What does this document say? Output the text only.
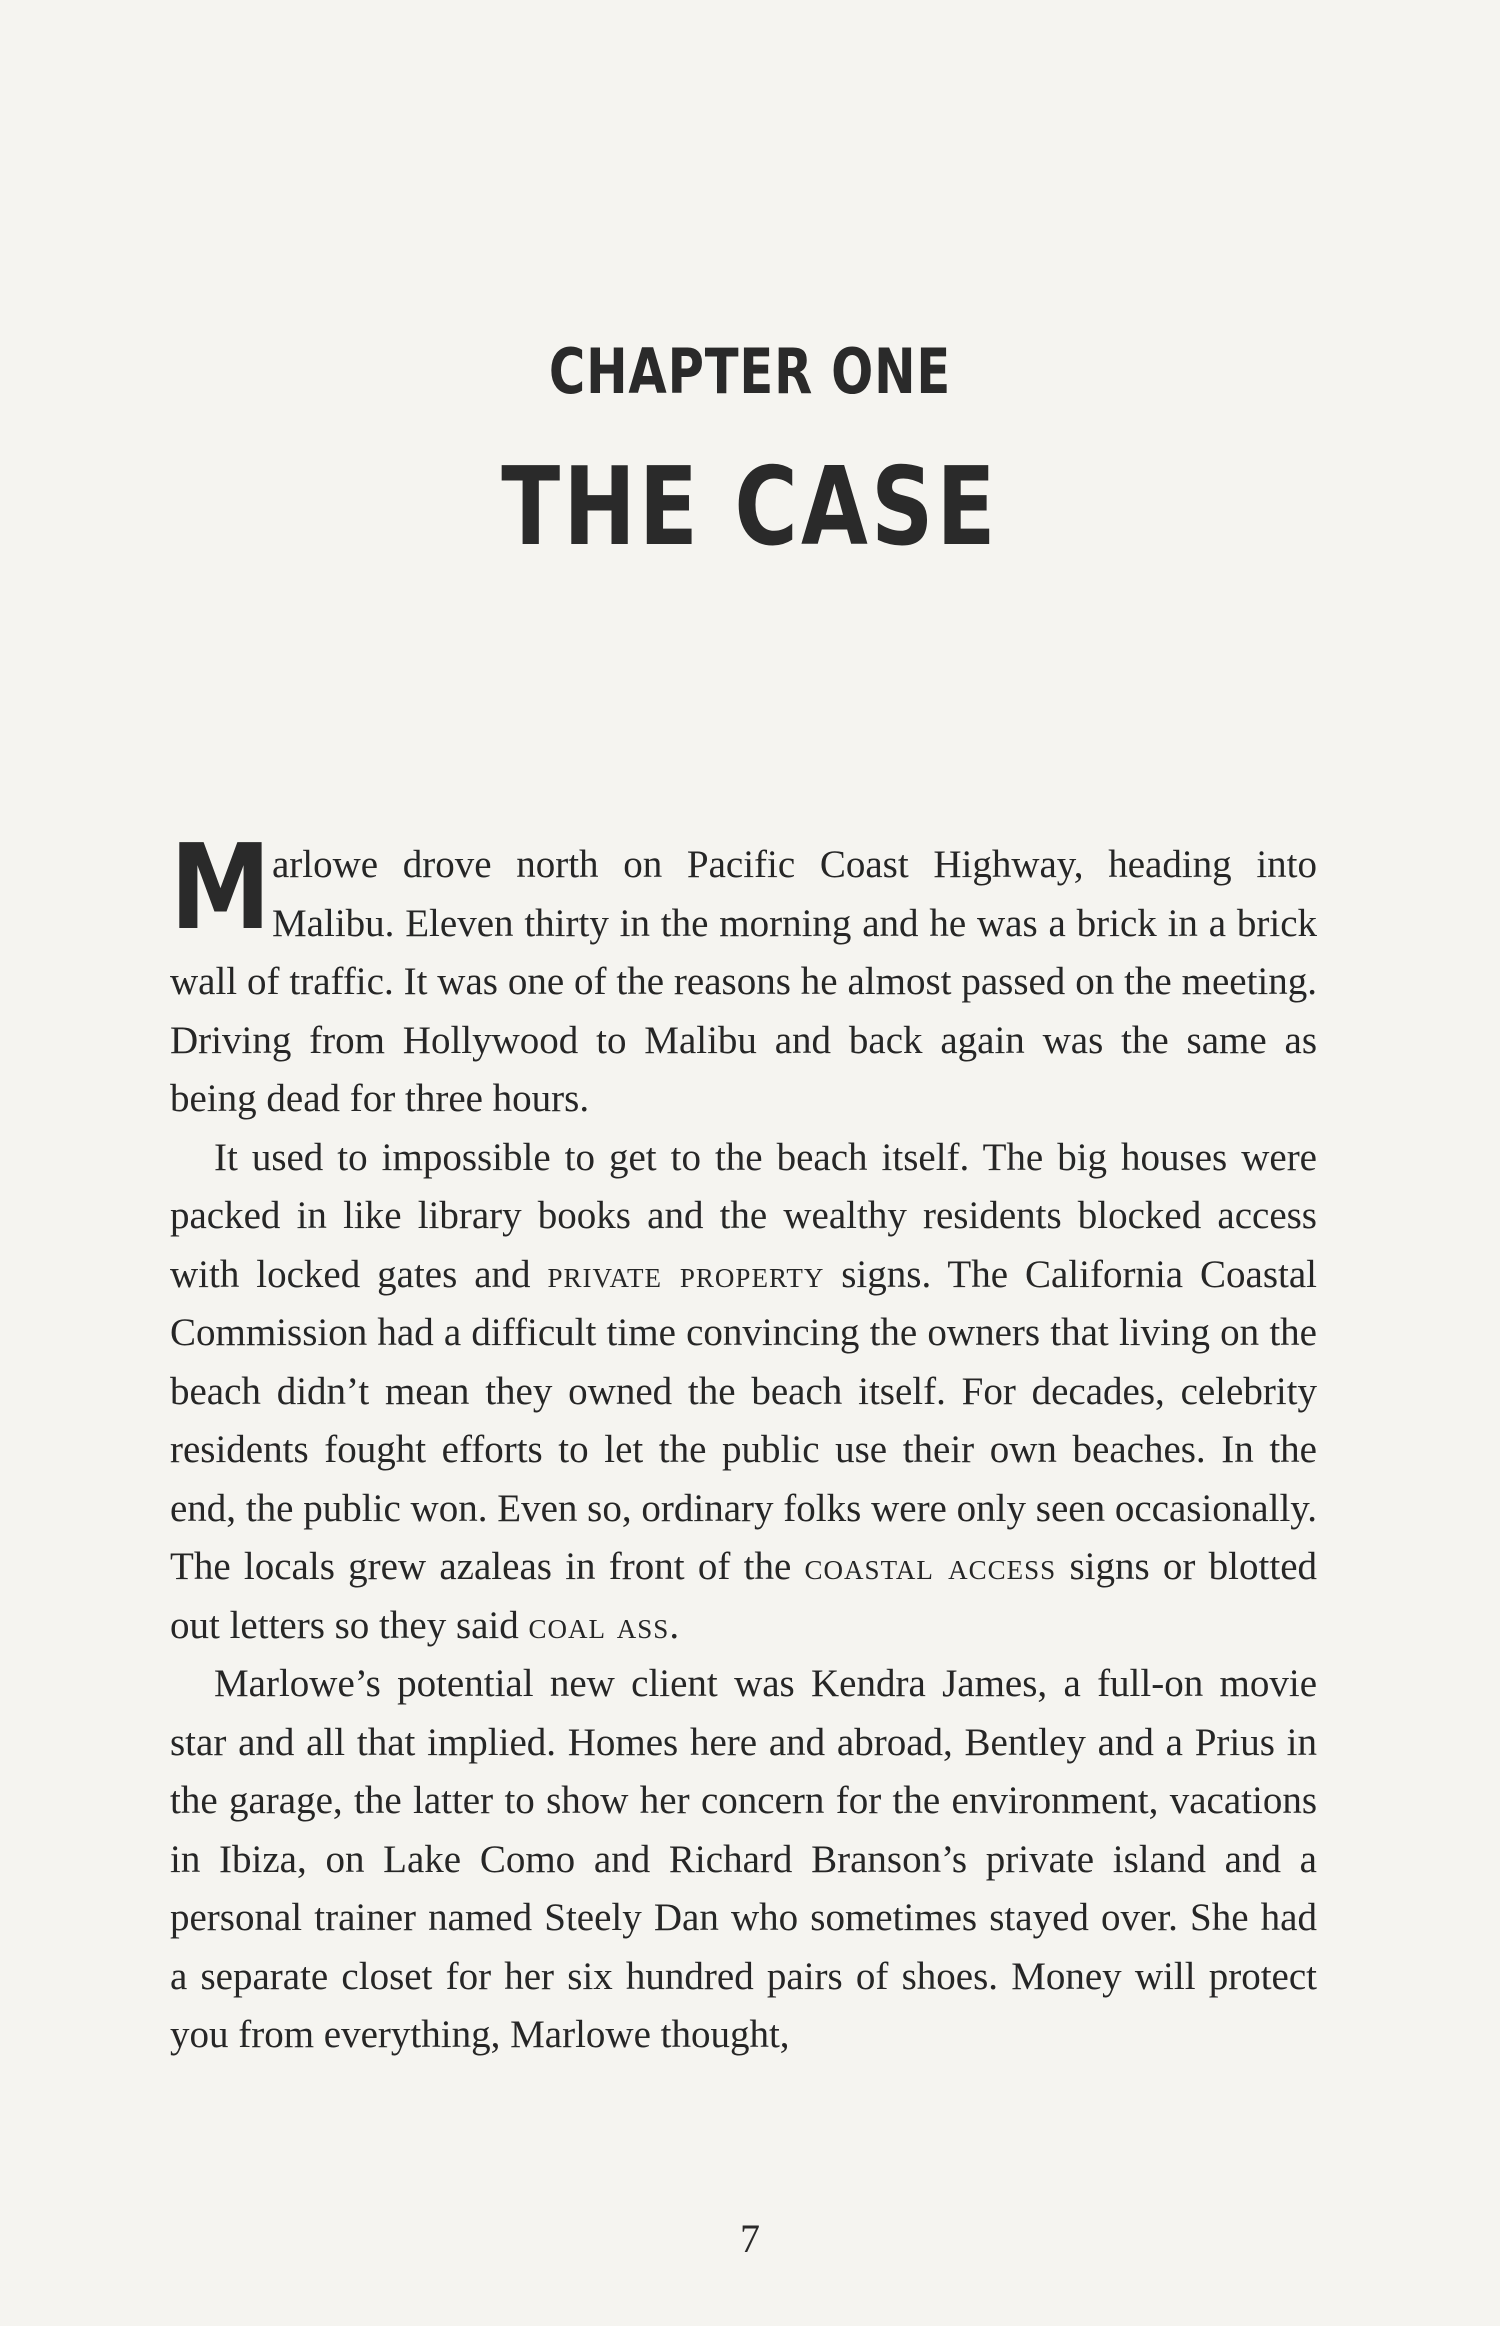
CHAPTER ONE
THE CASE

Marlowe drove north on Pacific Coast Highway, heading into Malibu. Eleven thirty in the morning and he was a brick in a brick wall of traffic. It was one of the reasons he almost passed on the meeting. Driving from Hollywood to Malibu and back again was the same as being dead for three hours.

It used to impossible to get to the beach itself. The big houses were packed in like library books and the wealthy residents blocked access with locked gates and private property signs. The California Coastal Commission had a difficult time convincing the owners that living on the beach didn’t mean they owned the beach itself. For decades, celebrity residents fought efforts to let the public use their own beaches. In the end, the public won. Even so, ordinary folks were only seen occasionally. The locals grew azaleas in front of the coastal access signs or blotted out letters so they said coal ass.

Marlowe’s potential new client was Kendra James, a full-on movie star and all that implied. Homes here and abroad, Bentley and a Prius in the garage, the latter to show her concern for the environment, vacations in Ibiza, on Lake Como and Richard Branson’s private island and a personal trainer named Steely Dan who sometimes stayed over. She had a separate closet for her six hundred pairs of shoes. Money will protect you from everything, Marlowe thought,

7
